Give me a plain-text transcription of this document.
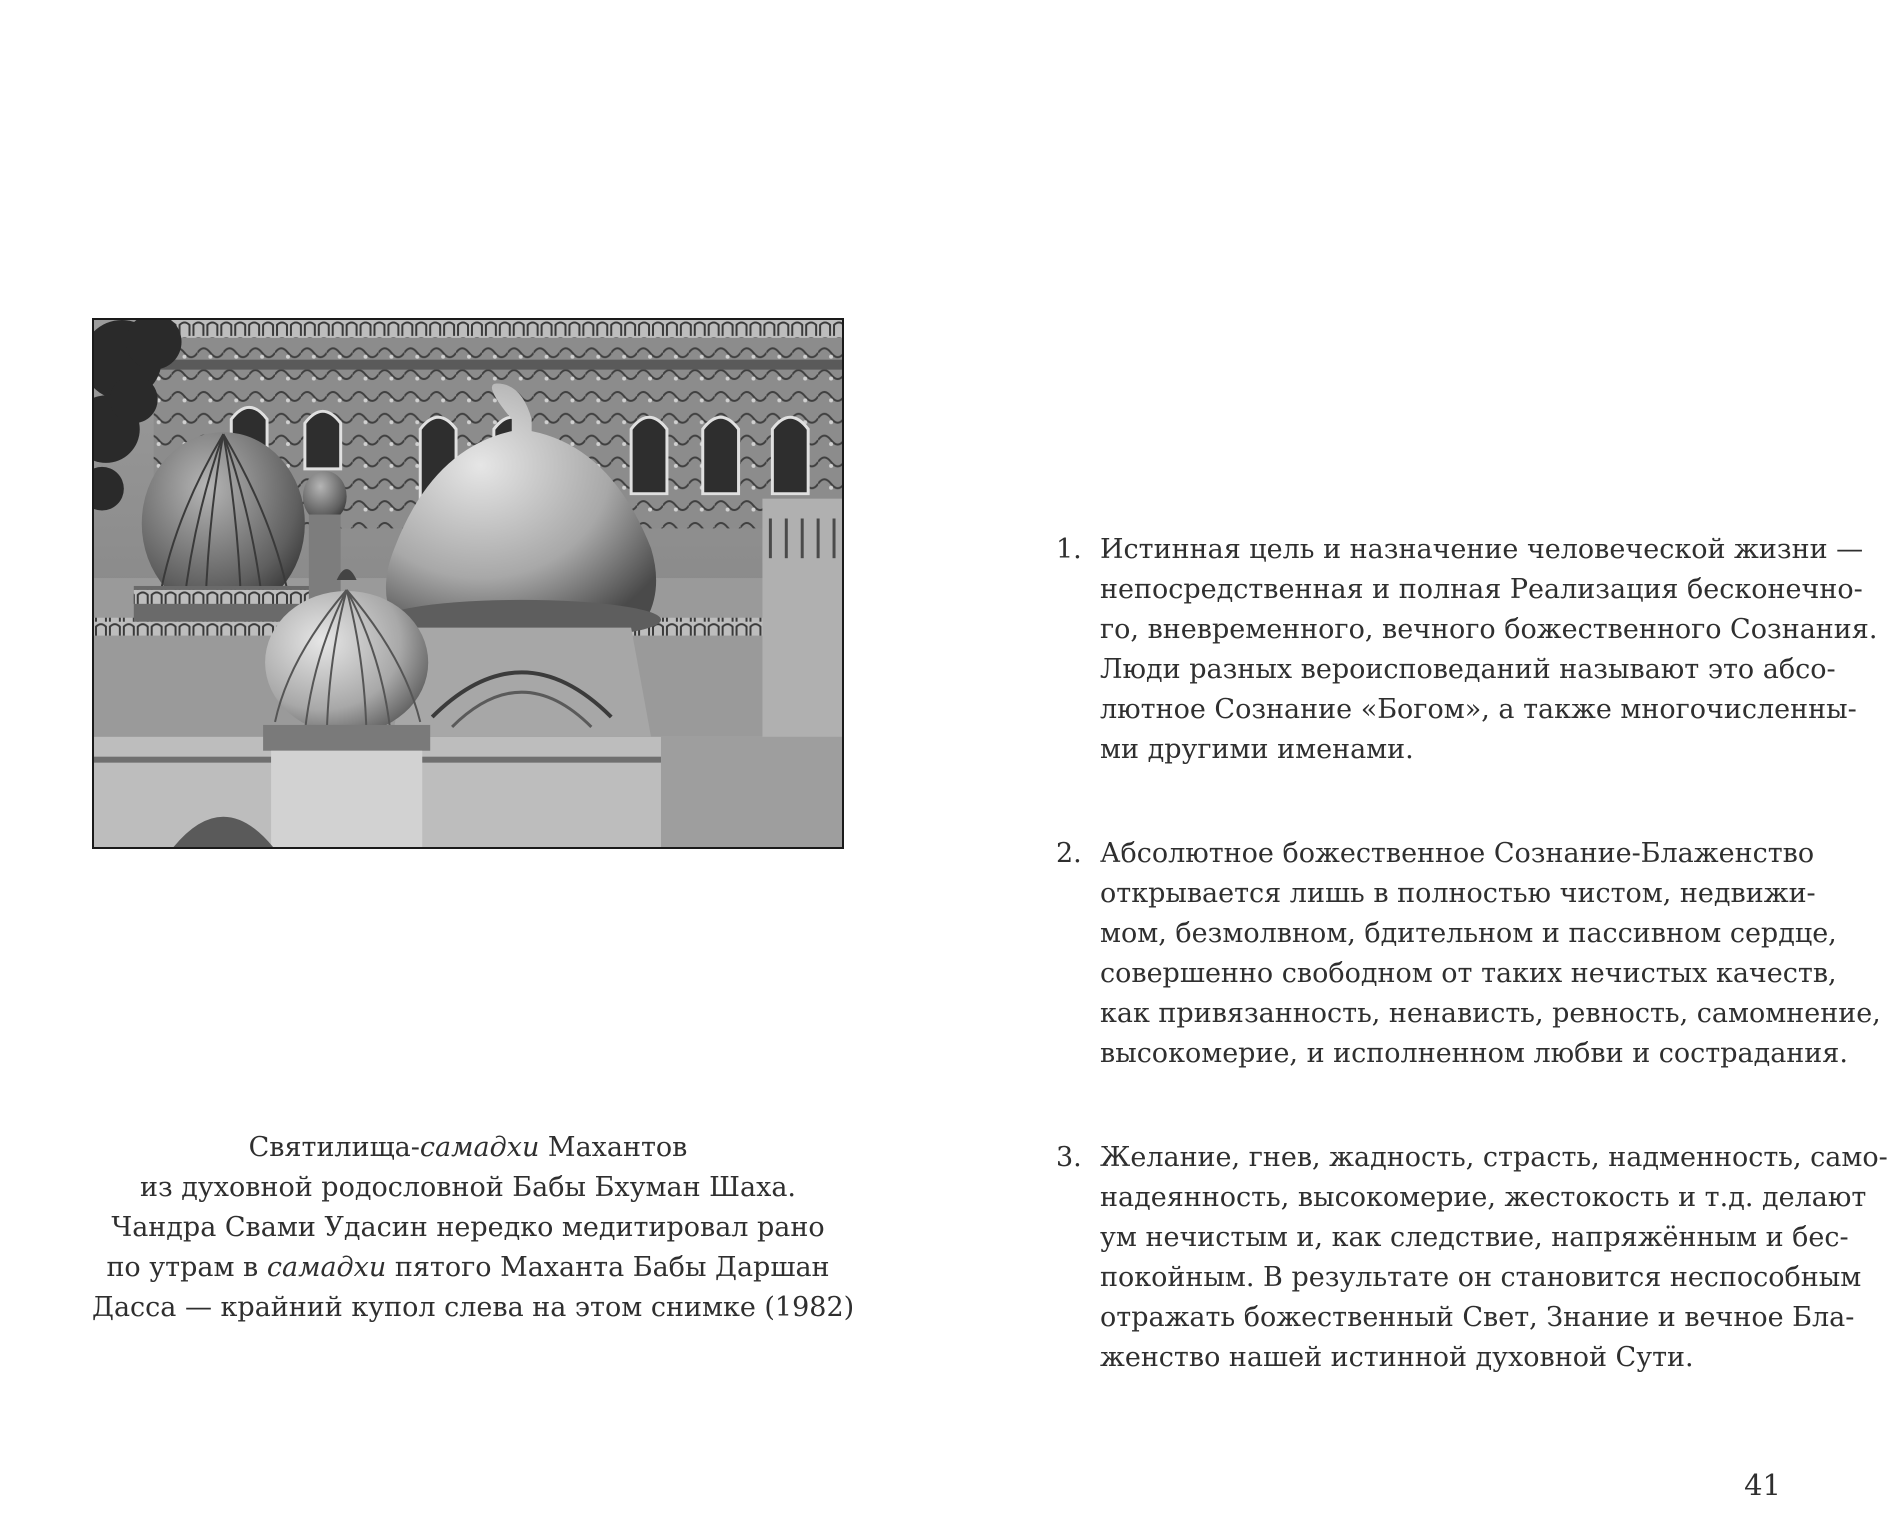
Святилища-самадхи Махантов
из духовной родословной Бабы Бхуман Шаха.
Чандра Свами Удасин нередко медитировал рано
по утрам в самадхи пятого Маханта Бабы Даршан
Дасса — крайний купол слева на этом снимке (1982)
1. Истинная цель и назначение человеческой жизни —
непосредственная и полная Реализация бесконечно-
го, вневременного, вечного божественного Сознания.
Люди разных вероисповеданий называют это абсо-
лютное Сознание «Богом», а также многочисленны-
ми другими именами.
2. Абсолютное божественное Сознание-Блаженство
открывается лишь в полностью чистом, недвижи-
мом, безмолвном, бдительном и пассивном сердце,
совершенно свободном от таких нечистых качеств,
как привязанность, ненависть, ревность, самомнение,
высокомерие, и исполненном любви и сострадания.
3. Желание, гнев, жадность, страсть, надменность, само-
надеянность, высокомерие, жестокость и т.д. делают
ум нечистым и, как следствие, напряжённым и бес-
покойным. В результате он становится неспособным
отражать божественный Свет, Знание и вечное Бла-
женство нашей истинной духовной Сути.
41
